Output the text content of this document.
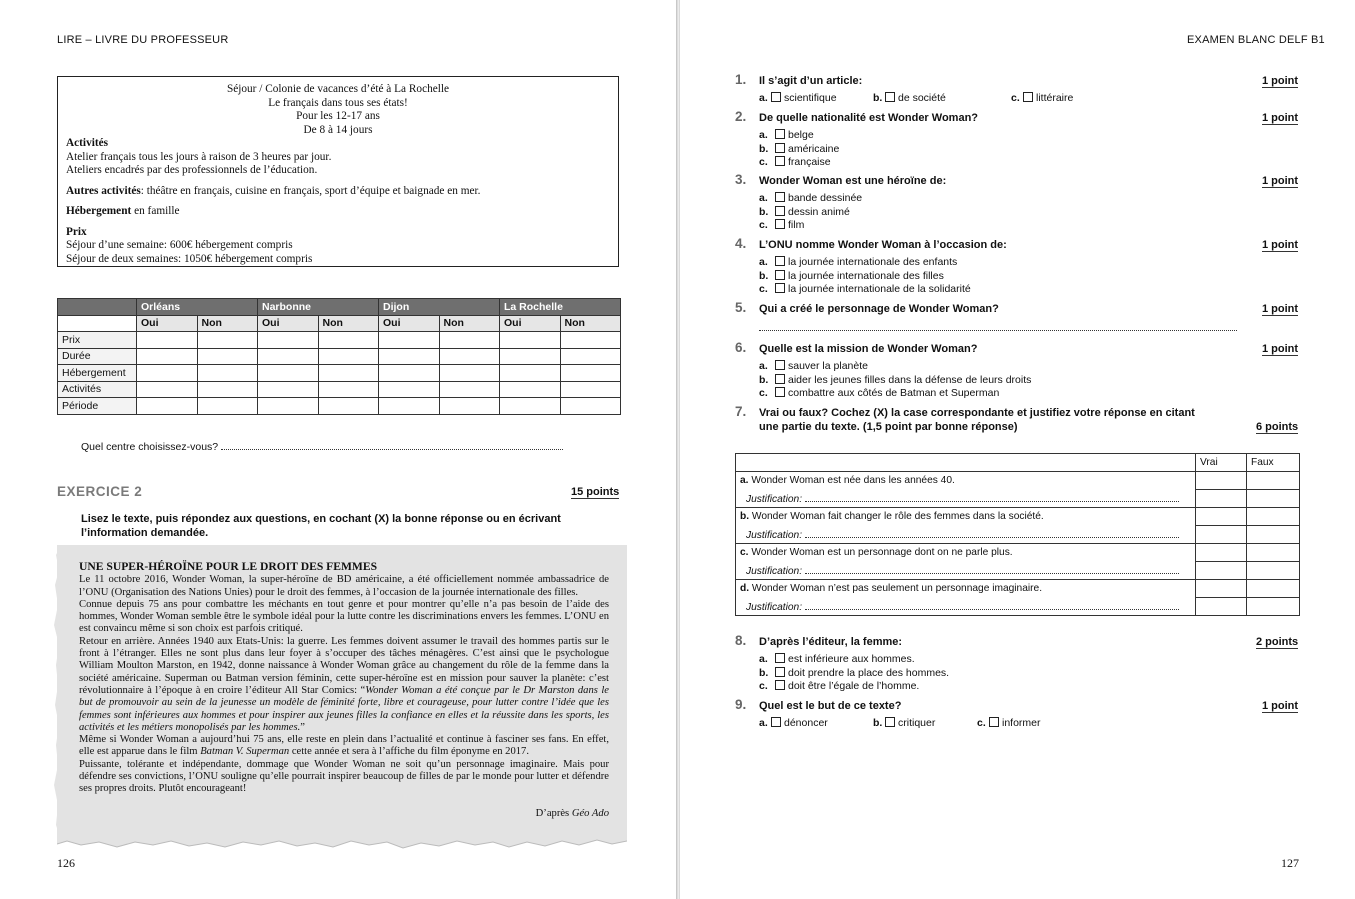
LIRE – LIVRE DU PROFESSEUR
Séjour / Colonie de vacances d’été à La Rochelle
Le français dans tous ses états!
Pour les 12-17 ans
De 8 à 14 jours
Activités
Atelier français tous les jours à raison de 3 heures par jour.
Ateliers encadrés par des professionnels de l’éducation.
Autres activités: théâtre en français, cuisine en français, sport d’équipe et baignade en mer.
Hébergement en famille
Prix
Séjour d’une semaine: 600€ hébergement compris
Séjour de deux semaines: 1050€ hébergement compris
	Orléans		Narbonne		Dijon		La Rochelle	
	Oui	Non	Oui	Non	Oui	Non	Oui	Non
Prix								
Durée								
Hébergement								
Activités								
Période								
Quel centre choisissez-vous?
EXERCICE 2	15 points
Lisez le texte, puis répondez aux questions, en cochant (X) la bonne réponse ou en écrivant l’information demandée.
UNE SUPER-HÉROÏNE POUR LE DROIT DES FEMMES

Le 11 octobre 2016, Wonder Woman, la super-héroïne de BD américaine, a été officiellement nommée ambassadrice de l’ONU (Organisation des Nations Unies) pour le droit des femmes, à l’occasion de la journée internationale des filles.

Connue depuis 75 ans pour combattre les méchants en tout genre et pour montrer qu’elle n’a pas besoin de l’aide des hommes, Wonder Woman semble être le symbole idéal pour la lutte contre les discriminations envers les femmes. L’ONU en est convaincu même si son choix est parfois critiqué.

Retour en arrière. Années 1940 aux Etats-Unis: la guerre. Les femmes doivent assumer le travail des hommes partis sur le front à l’étranger. Elles ne sont plus dans leur foyer à s’occuper des tâches ménagères. C’est ainsi que le psychologue William Moulton Marston, en 1942, donne naissance à Wonder Woman grâce au changement du rôle de la femme dans la société américaine. Superman ou Batman version féminin, cette super-héroïne est en mission pour sauver la planète: c’est révolutionnaire à l’époque à en croire l’éditeur All Star Comics: “Wonder Woman a été conçue par le Dr Marston dans le but de promouvoir au sein de la jeunesse un modèle de féminité forte, libre et courageuse, pour lutter contre l’idée que les femmes sont inférieures aux hommes et pour inspirer aux jeunes filles la confiance en elles et la réussite dans les sports, les activités et les métiers monopolisés par les hommes.”

Même si Wonder Woman a aujourd’hui 75 ans, elle reste en plein dans l’actualité et continue à fasciner ses fans. En effet, elle est apparue dans le film Batman V. Superman cette année et sera à l’affiche du film éponyme en 2017.

Puissante, tolérante et indépendante, dommage que Wonder Woman ne soit qu’un personnage imaginaire. Mais pour défendre ses convictions, l’ONU souligne qu’elle pourrait inspirer beaucoup de filles de par le monde pour lutter et défendre ses propres droits. Plutôt encourageant!

D’après Géo Ado
126
EXAMEN BLANC DELF B1
1. Il s’agit d’un article:	1 point
a. scientifique	b. de société	c. littéraire
2. De quelle nationalité est Wonder Woman?	1 point
a. belge
b. américaine
c. française
3. Wonder Woman est une héroïne de:	1 point
a. bande dessinée
b. dessin animé
c. film
4. L’ONU nomme Wonder Woman à l’occasion de:	1 point
a. la journée internationale des enfants
b. la journée internationale des filles
c. la journée internationale de la solidarité
5. Qui a créé le personnage de Wonder Woman?	1 point
6. Quelle est la mission de Wonder Woman?	1 point
a. sauver la planète
b. aider les jeunes filles dans la défense de leurs droits
c. combattre aux côtés de Batman et Superman
7. Vrai ou faux? Cochez (X) la case correspondante et justifiez votre réponse en citant
une partie du texte. (1,5 point par bonne réponse)	6 points
8. D’après l’éditeur, la femme:	2 points
a. est inférieure aux hommes.
b. doit prendre la place des hommes.
c. doit être l’égale de l’homme.
9. Quel est le but de ce texte?	1 point
a. dénoncer	b. critiquer	c. informer
	Vrai	Faux
a. Wonder Woman est née dans les années 40.		
Justification:		
b. Wonder Woman fait changer le rôle des femmes dans la société.		
Justification:		
c. Wonder Woman est un personnage dont on ne parle plus.		
Justification:		
d. Wonder Woman n’est pas seulement un personnage imaginaire.		
Justification:		
127
